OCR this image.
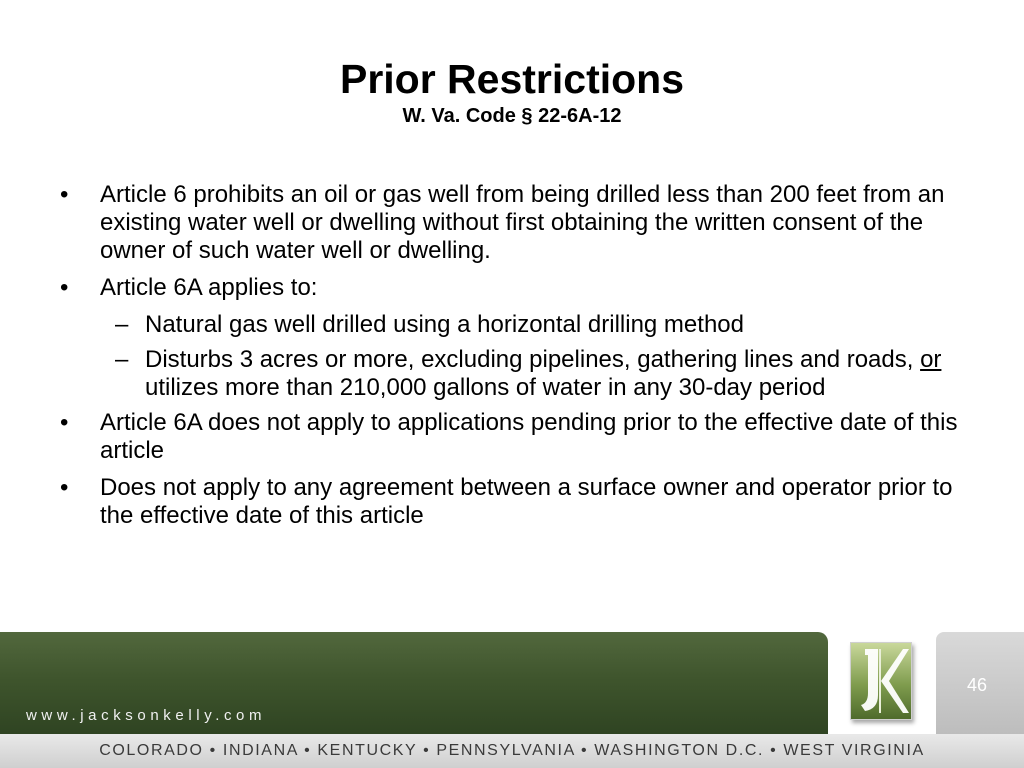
Prior Restrictions
W. Va. Code § 22-6A-12
• Article 6 prohibits an oil or gas well from being drilled less than 200 feet from an existing water well or dwelling without first obtaining the written consent of the owner of such water well or dwelling.
• Article 6A applies to:
– Natural gas well drilled using a horizontal drilling method
– Disturbs 3 acres or more, excluding pipelines, gathering lines and roads, or utilizes more than 210,000 gallons of water in any 30-day period
• Article 6A does not apply to applications pending prior to the effective date of this article
• Does not apply to any agreement between a surface owner and operator prior to the effective date of this article
46
www.jacksonkelly.com
COLORADO • INDIANA • KENTUCKY • PENNSYLVANIA • WASHINGTON D.C. • WEST VIRGINIA
